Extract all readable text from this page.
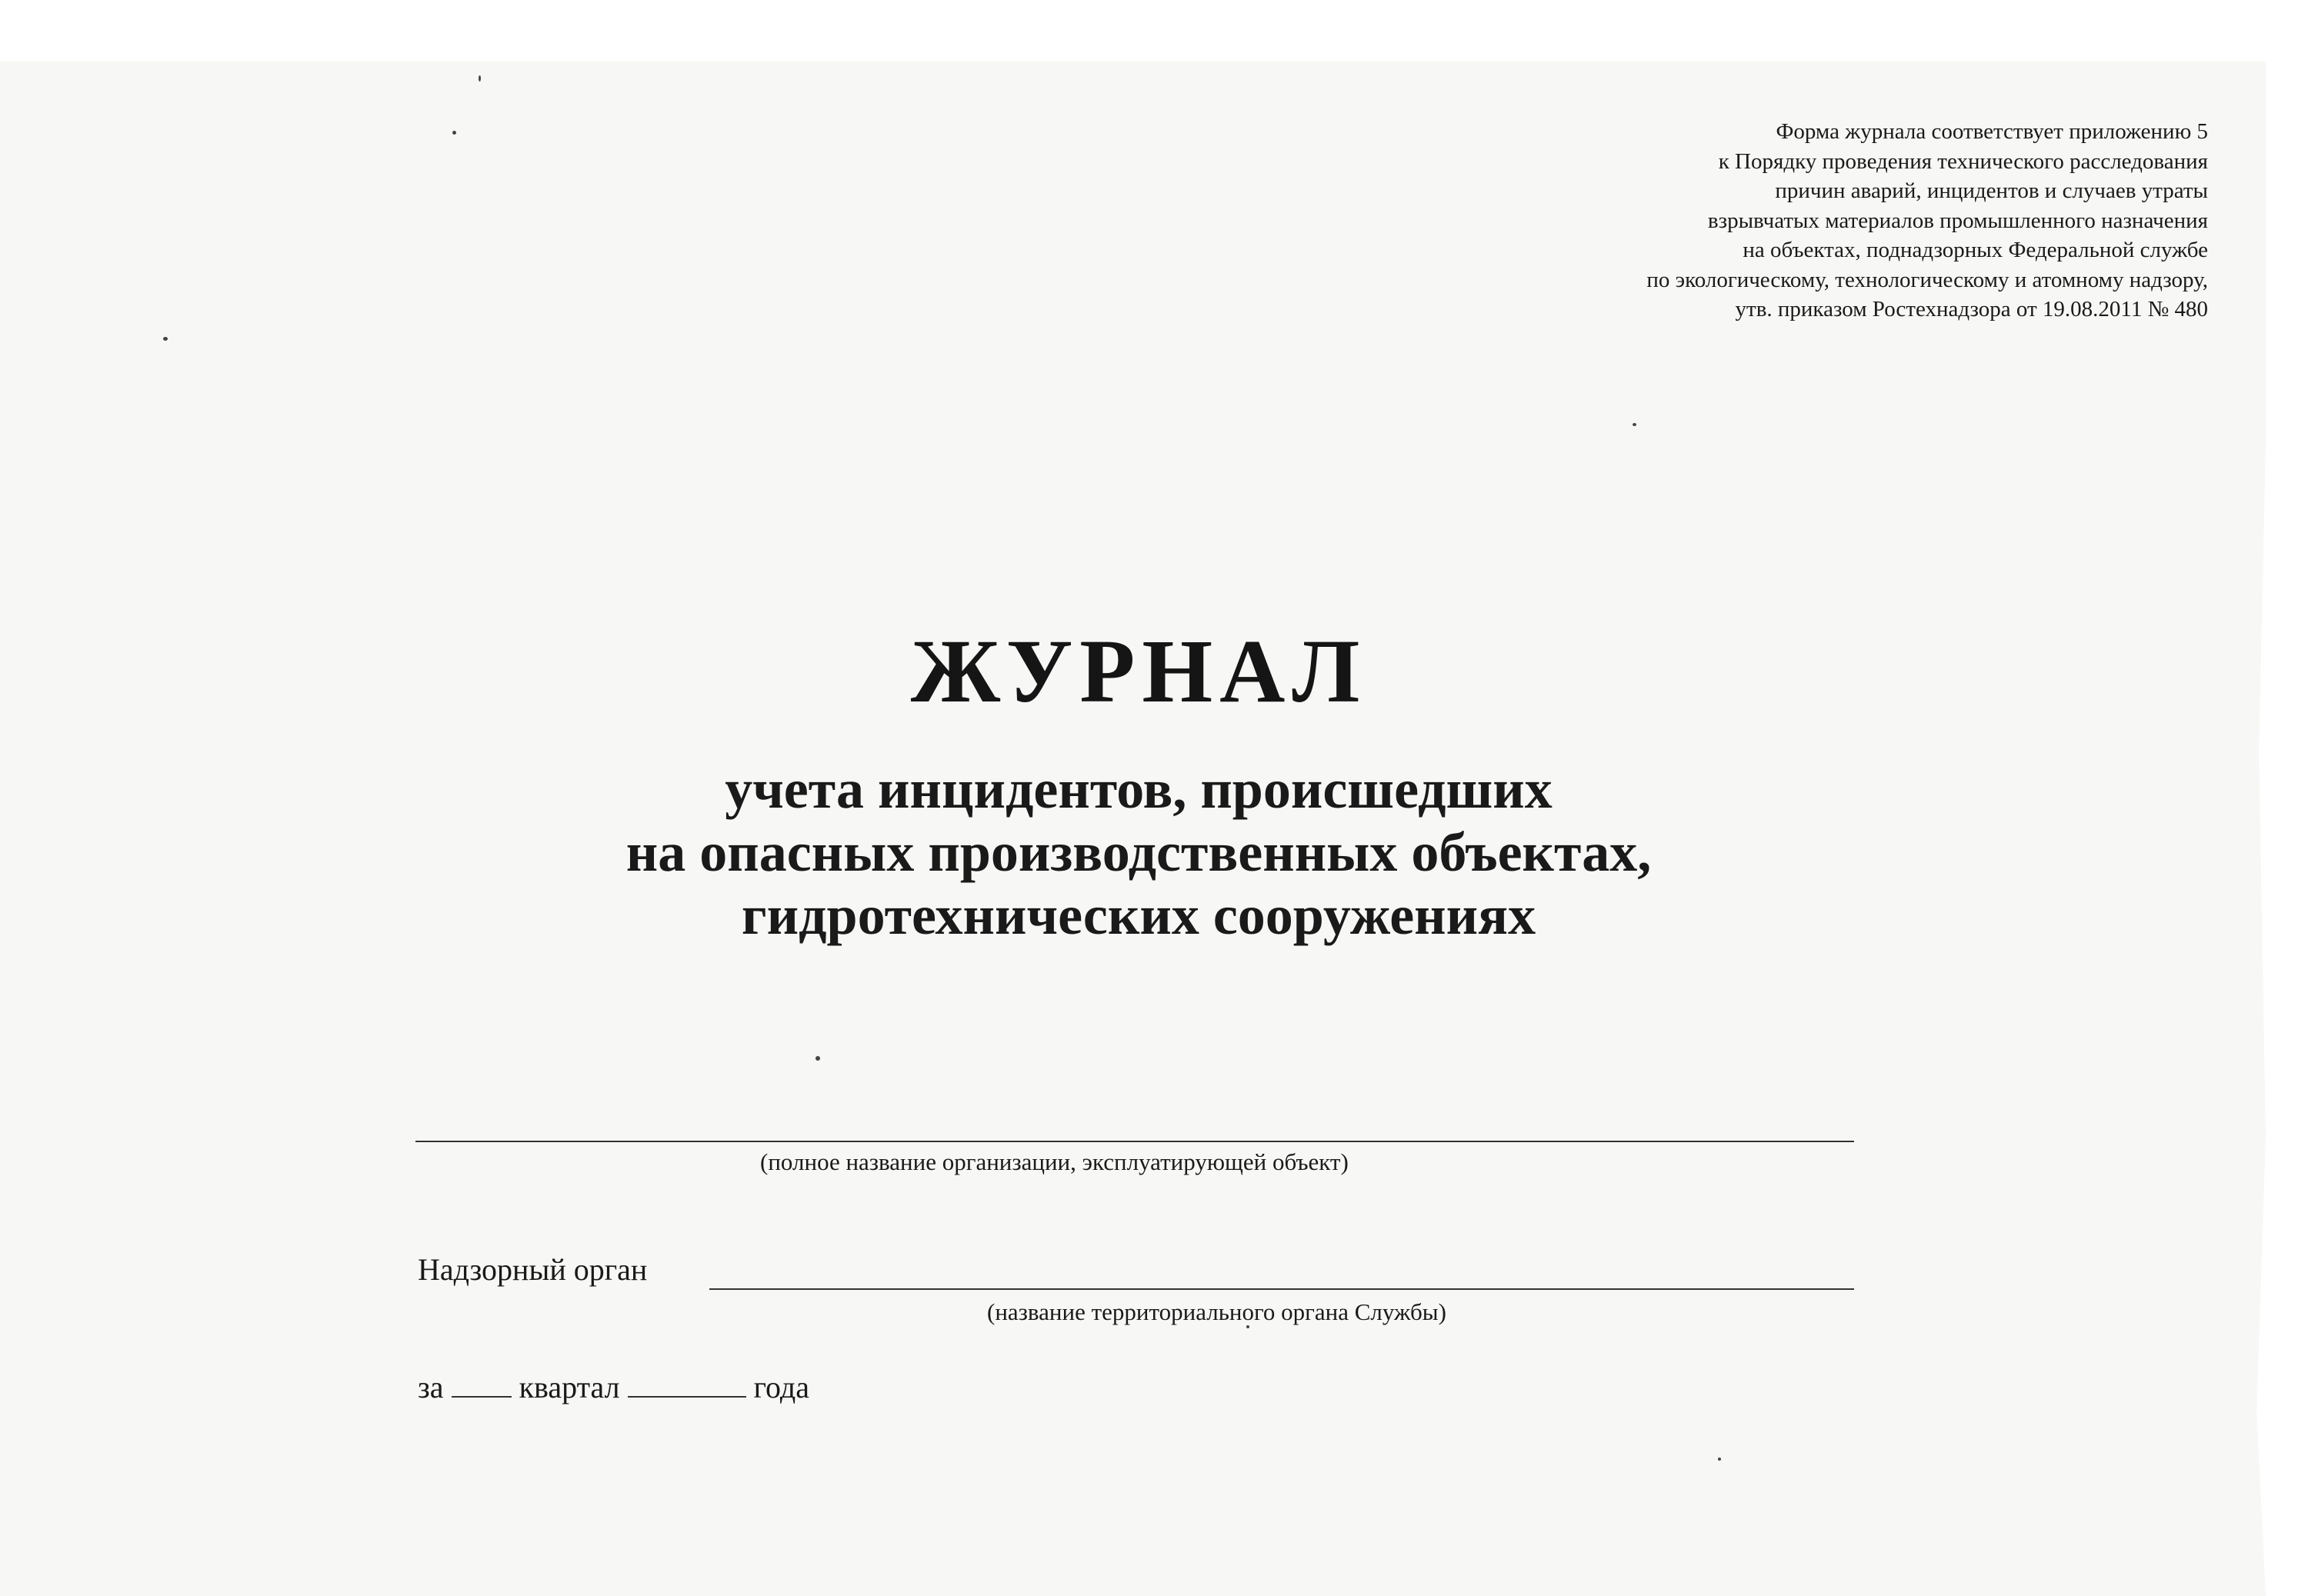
Форма журнала соответствует приложению 5
к Порядку проведения технического расследования
причин аварий, инцидентов и случаев утраты
взрывчатых материалов промышленного назначения
на объектах, поднадзорных Федеральной службе
по экологическому, технологическому и атомному надзору,
утв. приказом Ростехнадзора от 19.08.2011 № 480
ЖУРНАЛ
учета инцидентов, происшедших
на опасных производственных объектах,
гидротехнических сооружениях
(полное название организации, эксплуатирующей объект)
Надзорный орган
(название территориального органа Службы)
за квартал	года
